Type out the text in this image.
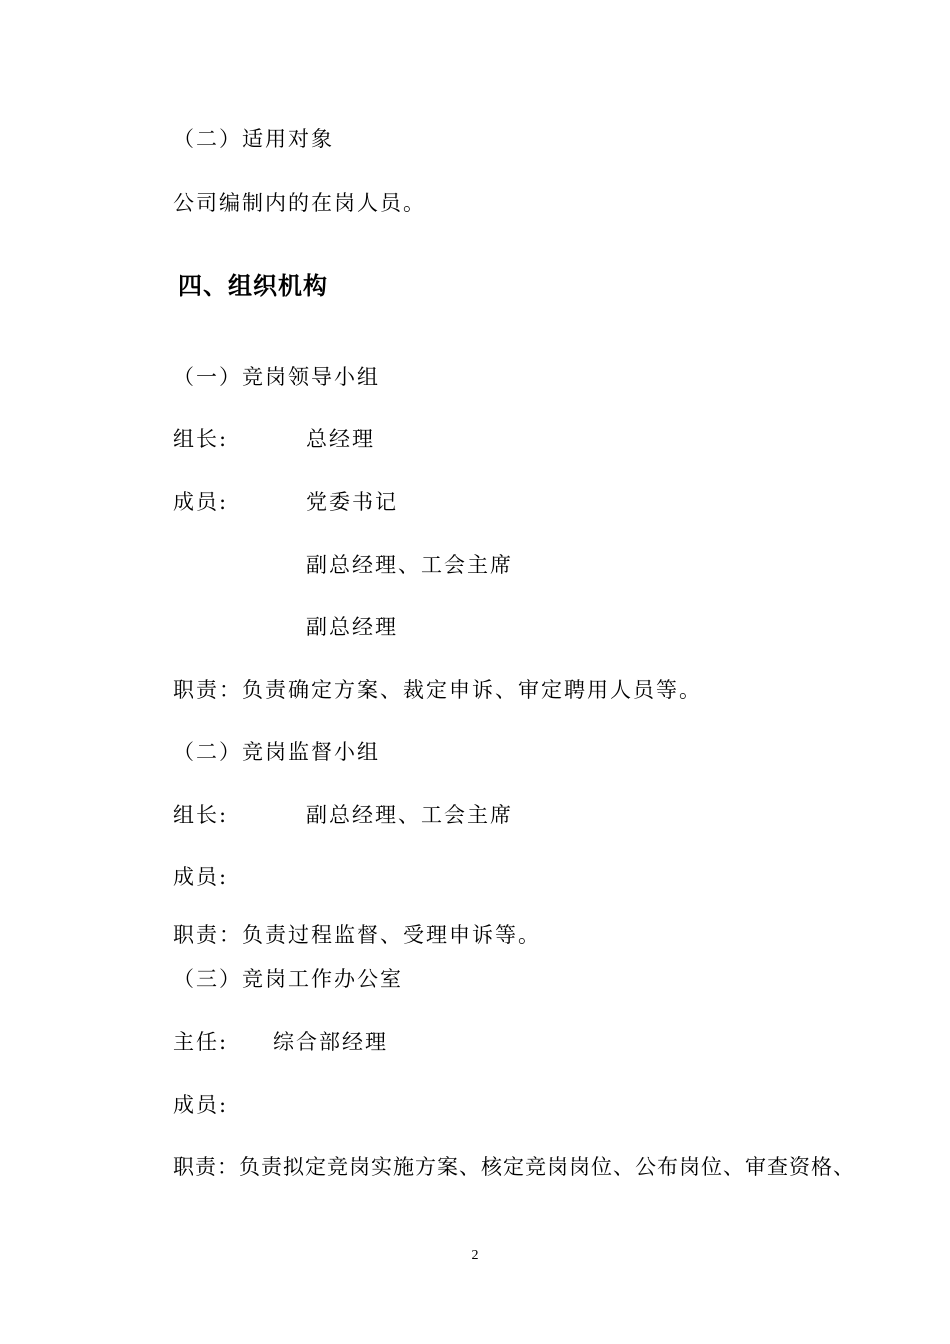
（二）适用对象
公司编制内的在岗人员。
四、组织机构
（一）竞岗领导小组
组长:	总经理
成员:	党委书记
副总经理、工会主席
副总经理
职责：负责确定方案、裁定申诉、审定聘用人员等。
（二）竞岗监督小组
组长:	副总经理、工会主席
成员:
职责：负责过程监督、受理申诉等。
（三）竞岗工作办公室
主任: 综合部经理
成员:
职责：负责拟定竞岗实施方案、核定竞岗岗位、公布岗位、审查资格、
2
